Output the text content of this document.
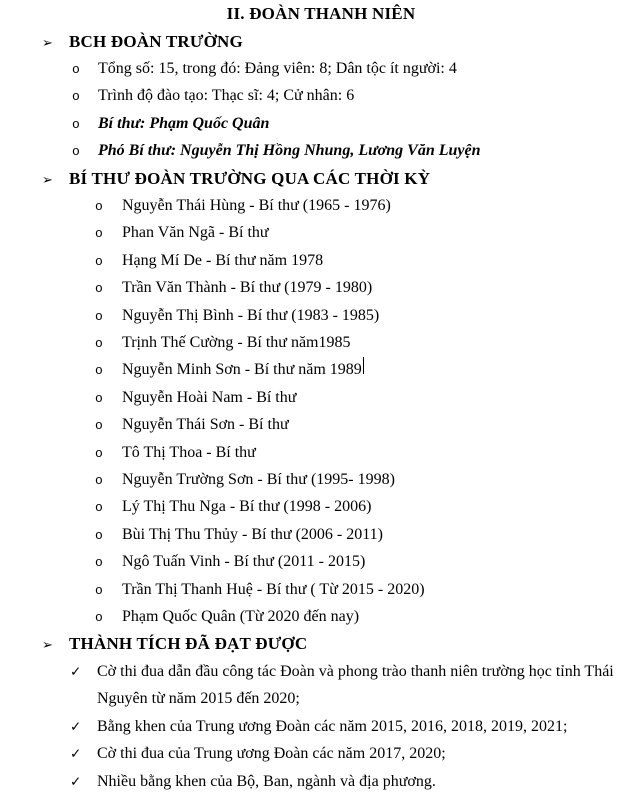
II. ĐOÀN THANH NIÊN
➢ BCH ĐOÀN TRƯỜNG
o	Tổng số: 15, trong đó: Đảng viên: 8; Dân tộc ít người: 4
o	Trình độ đào tạo: Thạc sĩ: 4; Cử nhân: 6
o	Bí thư: Phạm Quốc Quân
o	Phó Bí thư: Nguyễn Thị Hồng Nhung, Lương Văn Luyện
➢ BÍ THƯ ĐOÀN TRƯỜNG QUA CÁC THỜI KỲ
o	Nguyễn Thái Hùng - Bí thư (1965 - 1976)
o	Phan Văn Ngã - Bí thư
o	Hạng Mí De - Bí thư năm 1978
o	Trần Văn Thành - Bí thư (1979 - 1980)
o	Nguyễn Thị Bình - Bí thư (1983 - 1985)
o	Trịnh Thế Cường - Bí thư năm1985
o	Nguyễn Minh Sơn - Bí thư năm 1989
o	Nguyễn Hoài Nam - Bí thư
o	Nguyễn Thái Sơn - Bí thư
o	Tô Thị Thoa - Bí thư
o	Nguyễn Trường Sơn - Bí thư (1995- 1998)
o	Lý Thị Thu Nga - Bí thư (1998 - 2006)
o	Bùi Thị Thu Thủy - Bí thư (2006 - 2011)
o	Ngô Tuấn Vinh - Bí thư (2011 - 2015)
o	Trần Thị Thanh Huệ - Bí thư ( Từ 2015 - 2020)
o	Phạm Quốc Quân (Từ 2020 đến nay)
➢ THÀNH TÍCH ĐÃ ĐẠT ĐƯỢC
✓ Cờ thi đua dẫn đầu công tác Đoàn và phong trào thanh niên trường học tỉnh Thái Nguyên từ năm 2015 đến 2020;
✓ Bằng khen của Trung ương Đoàn các năm 2015, 2016, 2018, 2019, 2021;
✓ Cờ thi đua của Trung ương Đoàn các năm 2017, 2020;
✓ Nhiều bằng khen của Bộ, Ban, ngành và địa phương.
